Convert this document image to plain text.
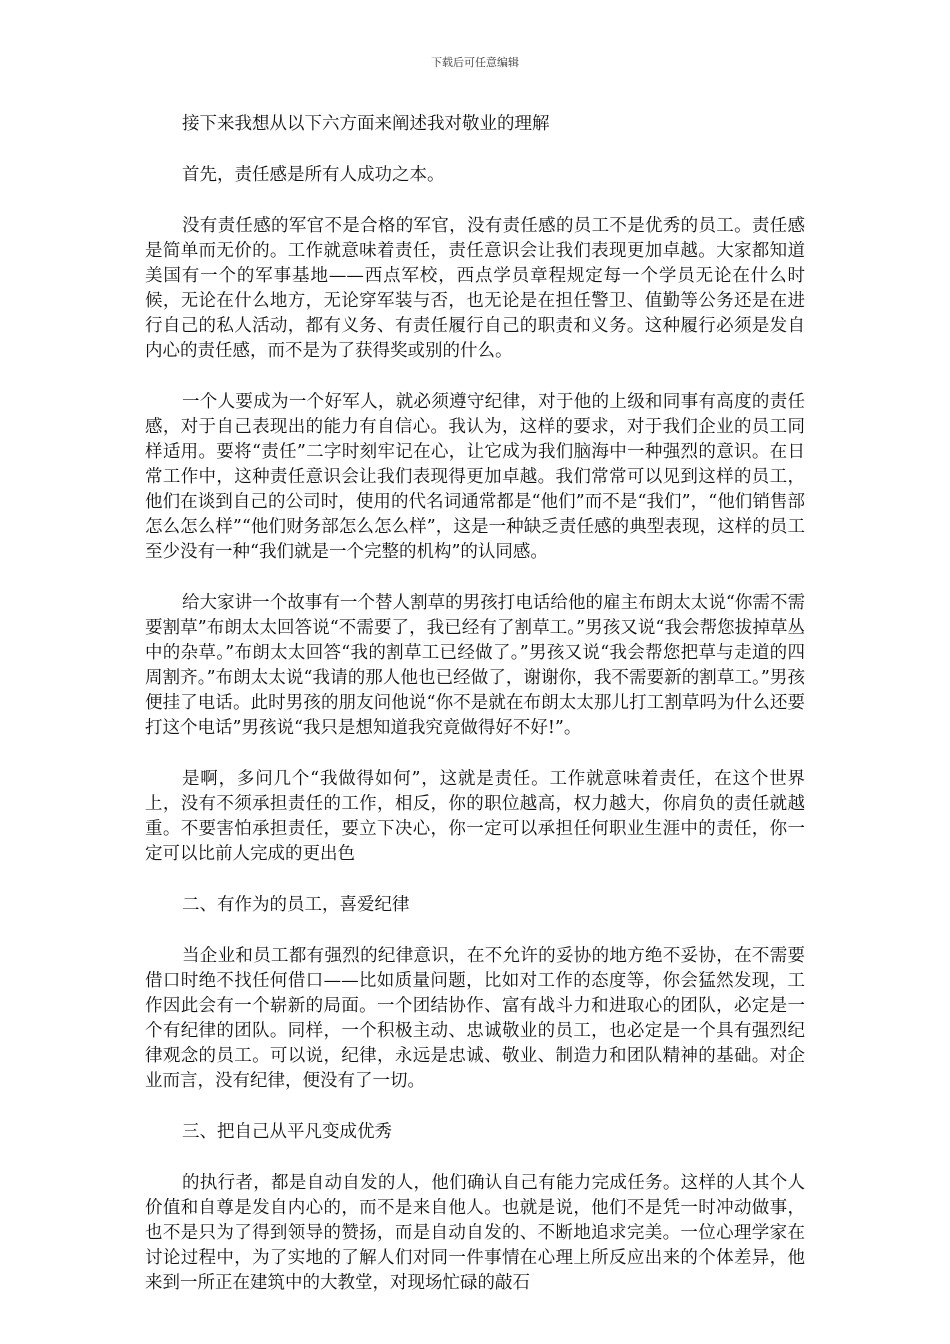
下载后可任意编辑

接下来我想从以下六方面来阐述我对敬业的理解

首先，责任感是所有人成功之本。

没有责任感的军官不是合格的军官，没有责任感的员工不是优秀的员工。责任感是简单而无价的。工作就意味着责任，责任意识会让我们表现更加卓越。大家都知道美国有一个的军事基地——西点军校，西点学员章程规定每一个学员无论在什么时候，无论在什么地方，无论穿军装与否，也无论是在担任警卫、值勤等公务还是在进行自己的私人活动，都有义务、有责任履行自己的职责和义务。这种履行必须是发自内心的责任感，而不是为了获得奖或别的什么。

一个人要成为一个好军人，就必须遵守纪律，对于他的上级和同事有高度的责任感，对于自己表现出的能力有自信心。我认为，这样的要求，对于我们企业的员工同样适用。要将“责任”二字时刻牢记在心，让它成为我们脑海中一种强烈的意识。在日常工作中，这种责任意识会让我们表现得更加卓越。我们常常可以见到这样的员工，他们在谈到自己的公司时，使用的代名词通常都是“他们”而不是“我们”，“他们销售部怎么怎么样”“他们财务部怎么怎么样”，这是一种缺乏责任感的典型表现，这样的员工至少没有一种“我们就是一个完整的机构”的认同感。

给大家讲一个故事有一个替人割草的男孩打电话给他的雇主布朗太太说“你需不需要割草”布朗太太回答说“不需要了，我已经有了割草工。”男孩又说“我会帮您拔掉草丛中的杂草。”布朗太太回答“我的割草工已经做了。”男孩又说“我会帮您把草与走道的四周割齐。”布朗太太说“我请的那人他也已经做了，谢谢你，我不需要新的割草工。”男孩便挂了电话。此时男孩的朋友问他说“你不是就在布朗太太那儿打工割草吗为什么还要打这个电话”男孩说“我只是想知道我究竟做得好不好!”。

是啊，多问几个“我做得如何”，这就是责任。工作就意味着责任，在这个世界上，没有不须承担责任的工作，相反，你的职位越高，权力越大，你肩负的责任就越重。不要害怕承担责任，要立下决心，你一定可以承担任何职业生涯中的责任，你一定可以比前人完成的更出色

二、有作为的员工，喜爱纪律

当企业和员工都有强烈的纪律意识，在不允许的妥协的地方绝不妥协，在不需要借口时绝不找任何借口——比如质量问题，比如对工作的态度等，你会猛然发现，工作因此会有一个崭新的局面。一个团结协作、富有战斗力和进取心的团队，必定是一个有纪律的团队。同样，一个积极主动、忠诚敬业的员工，也必定是一个具有强烈纪律观念的员工。可以说，纪律，永远是忠诚、敬业、制造力和团队精神的基础。对企业而言，没有纪律，便没有了一切。

三、把自己从平凡变成优秀

的执行者，都是自动自发的人，他们确认自己有能力完成任务。这样的人其个人价值和自尊是发自内心的，而不是来自他人。也就是说，他们不是凭一时冲动做事，也不是只为了得到领导的赞扬，而是自动自发的、不断地追求完美。一位心理学家在讨论过程中，为了实地的了解人们对同一件事情在心理上所反应出来的个体差异，他来到一所正在建筑中的大教堂，对现场忙碌的敲石
